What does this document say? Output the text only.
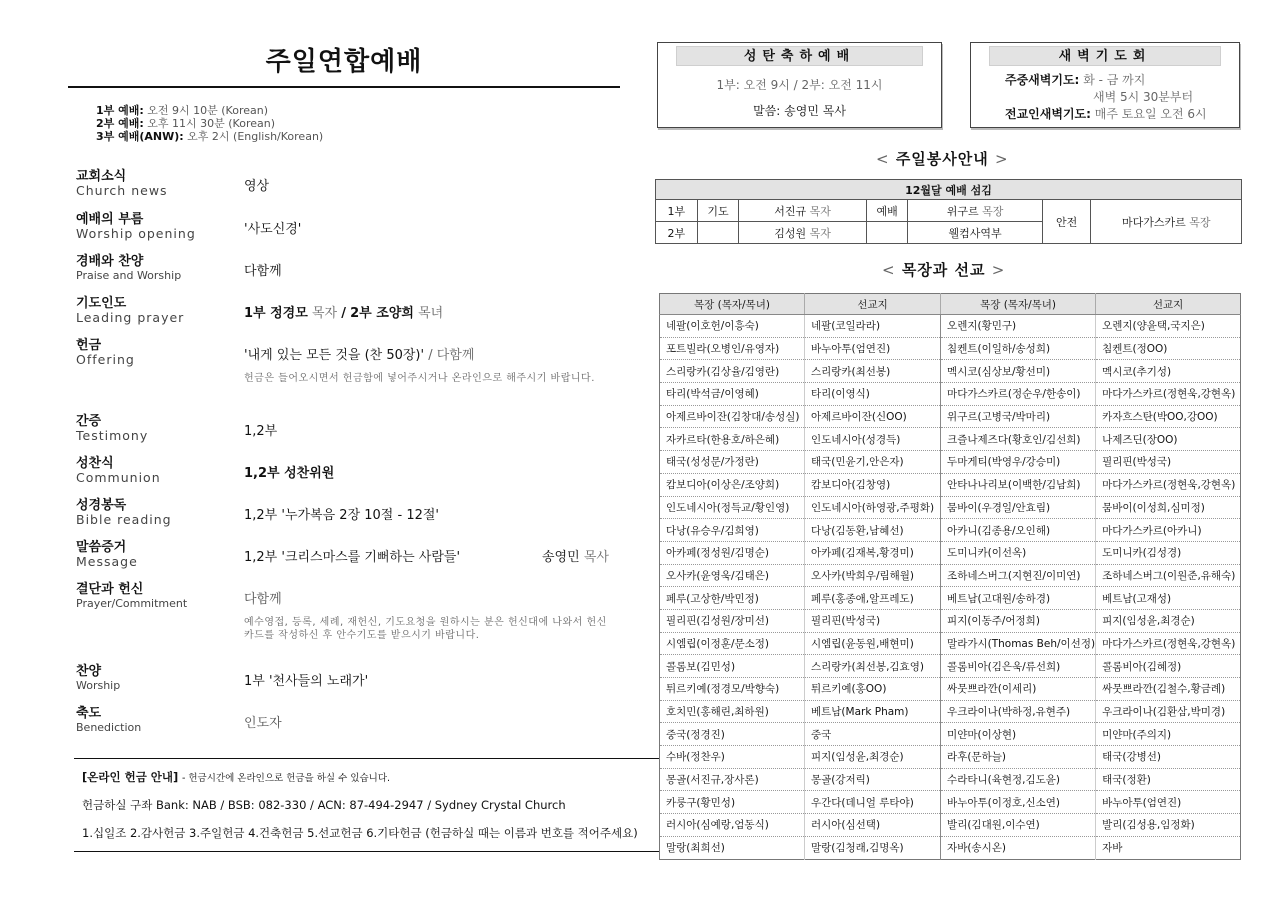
주일연합예배
1부 예배: 오전 9시 10분 (Korean)
2부 예배: 오후 11시 30분 (Korean)
3부 예배(ANW): 오후 2시 (English/Korean)
교회소식
Church news	영상
예배의 부름
Worship opening	'사도신경'
경배와 찬양
Praise and Worship	다함께
기도인도
Leading prayer	1부 정경모 목자 / 2부 조양희 목녀
헌금
Offering	'내게 있는 모든 것을 (찬 50장)' / 다함께
헌금은 들어오시면서 헌금함에 넣어주시거나 온라인으로 해주시기 바랍니다.
간증
Testimony	1,2부
성찬식
Communion	1,2부 성찬위원
성경봉독
Bible reading	1,2부 '누가복음 2장 10절 - 12절'
말씀증거
Message	1,2부 '크리스마스를 기뻐하는 사람들'	송영민 목사
결단과 헌신
Prayer/Commitment	다함께
예수영접, 등록, 세례, 재헌신, 기도요청을 원하시는 분은 헌신대에 나와서 헌신카드를 작성하신 후 안수기도를 받으시기 바랍니다.
찬양
Worship	1부 '천사들의 노래가'
축도
Benediction	인도자
[온라인 헌금 안내] - 헌금시간에 온라인으로 헌금을 하실 수 있습니다.
헌금하실 구좌 Bank: NAB / BSB: 082-330 / ACN: 87-494-2947 / Sydney Crystal Church
1.십일조 2.감사헌금 3.주일헌금 4.건축헌금 5.선교헌금 6.기타헌금 (헌금하실 때는 이름과 번호를 적어주세요)
성탄축하예배
1부: 오전 9시 / 2부: 오전 11시
말씀: 송영민 목사
새벽기도회
주중새벽기도: 화 - 금 까지
새벽 5시 30분부터
전교인새벽기도: 매주 토요일 오전 6시
< 주일봉사안내 >
12월달 예배 섬김						
1부	기도	서진규 목자	예배	위구르 목장	안전	마다가스카르 목장
2부		김성원 목자		웰컴사역부		
< 목장과 선교 >
목장 (목자/목녀)	선교지	목장 (목자/목녀)	선교지
네팔(이호헌/이흥숙)	네팔(코일라라)	오렌지(황민구)	오렌지(양윤택,국지은)
포트빌라(오병인/유영자)	바누아투(엄연진)	침켄트(이일하/송성희)	침켄트(정OO)
스리랑카(김상율/김영란)	스리랑카(최선봉)	멕시코(심상보/황선미)	멕시코(추기성)
타리(박석금/이영혜)	타리(이영식)	마다가스카르(정순우/한송이)	마다가스카르(정현욱,강현옥)
아제르바이잔(김창대/송성실)	아제르바이잔(신OO)	위구르(고병국/박마리)	카자흐스탄(박OO,강OO)
자카르타(한용호/하은혜)	인도네시아(성경득)	크즐나제즈다(황호인/김선희)	나제즈딘(장OO)
태국(성성문/가정란)	태국(민윤기,안은자)	두마게티(박영우/강승미)	필리핀(박성국)
캄보디아(이상은/조양희)	캄보디아(김창영)	안타나나리보(이백한/김남희)	마다가스카르(정현욱,강현옥)
인도네시아(정득교/황인영)	인도네시아(하영광,주평화)	뭄바이(우경일/안효림)	뭄바이(이성희,심미정)
다낭(유승우/김희영)	다낭(김동환,남혜선)	아카니(김종용/오인해)	마다가스카르(아카니)
아카페(정성원/김명순)	아카페(김재복,황경미)	도미니카(이선옥)	도미니카(김성경)
오사카(윤영욱/김태은)	오사카(박희우/림해월)	조하네스버그(지현진/이미연)	조하네스버그(이원준,유해숙)
페루(고상한/박민정)	페루(홍종애,알프레도)	베트남(고대원/송하경)	베트남(고재성)
필리핀(김성원/장미선)	필리핀(박성국)	피지(이동주/어정희)	피지(임성윤,최경순)
시엠립(이정훈/문소정)	시엠립(윤동원,배현미)	말라가시(Thomas Beh/이선정)	마다가스카르(정현욱,강현옥)
콜롬보(김민성)	스리랑카(최선봉,김효영)	콜롬비아(김은욱/류선희)	콜롬비아(김혜정)
튀르키예(정경모/박향숙)	튀르키예(홍OO)	싸뭇쁘라깐(이세리)	싸뭇쁘라깐(김철수,황금례)
호치민(홍해린,최하원)	베트남(Mark Pham)	우크라이나(박하정,유현주)	우크라이나(김환삼,박미경)
중국(정경진)	중국	미얀마(이상현)	미얀마(주의지)
수바(정찬우)	피지(임성윤,최경순)	라후(문하늘)	태국(강병선)
몽골(서진규,장사론)	몽골(강저릭)	수라타니(육현정,김도윤)	태국(정환)
카룽구(황민성)	우간다(데니얼 루타야)	바누아투(이정호,신소연)	바누아투(엄연진)
러시아(심예랑,엄동식)	러시아(심선택)	발리(김대원,이수연)	발리(김성용,임정화)
말랑(최희선)	말랑(김청래,김명옥)	자바(송시온)	자바
